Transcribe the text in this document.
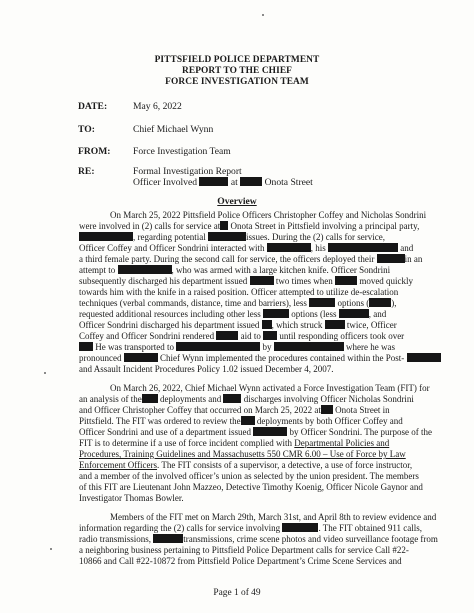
PITTSFIELD POLICE DEPARTMENT
REPORT TO THE CHIEF
FORCE INVESTIGATION TEAM
DATE:	May 6, 2022
TO:	Chief Michael Wynn
FROM: Force Investigation Team
RE:	Formal Investigation Report
Officer Involved	at	Onota Street
Overview
On March 25, 2022 Pittsfield Police Officers Christopher Coffey and Nicholas Sondrini
were involved in (2) calls for service at Onota Street in Pittsfield involving a principal party,
, regarding potential	issues. During the (2) calls for service,
Officer Coffey and Officer Sondrini interacted with	, his	and
a third female party. During the second call for service, the officers deployed their	in an
attempt to	, who was armed with a large kitchen knife. Officer Sondrini
subsequently discharged his department issued	two times when	moved quickly
towards him with the knife in a raised position. Officer attempted to utilize de-escalation
techniques (verbal commands, distance, time and barriers), less	options ( ),
requested additional resources including other less	options (less	, and
Officer Sondrini discharged his department issued , which struck	twice, Officer
Coffey and Officer Sondrini rendered	aid to until responding officers took over
He was transported to	by	where he was
pronounced	Chief Wynn implemented the procedures contained within the Post-
and Assault Incident Procedures Policy 1.02 issued December 4, 2007.
On March 26, 2022, Chief Michael Wynn activated a Force Investigation Team (FIT) for
an analysis of the deployments and	discharges involving Officer Nicholas Sondrini
and Officer Christopher Coffey that occurred on March 25, 2022 at Onota Street in
Pittsfield. The FIT was ordered to review the deployments by both Officer Coffey and
Officer Sondrini and use of a department issued	by Officer Sondrini. The purpose of the
FIT is to determine if a use of force incident complied with Departmental Policies and
Procedures, Training Guidelines and Massachusetts 550 CMR 6.00 – Use of Force by Law
Enforcement Officers. The FIT consists of a supervisor, a detective, a use of force instructor,
and a member of the involved officer’s union as selected by the union president. The members
of this FIT are Lieutenant John Mazzeo, Detective Timothy Koenig, Officer Nicole Gaynor and
Investigator Thomas Bowler.
Members of the FIT met on March 29th, March 31st, and April 8th to review evidence and
information regarding the (2) calls for service involving	. The FIT obtained 911 calls,
radio transmissions,	transmissions, crime scene photos and video surveillance footage from
a neighboring business pertaining to Pittsfield Police Department calls for service Call #22-
10866 and Call #22-10872 from Pittsfield Police Department’s Crime Scene Services and
Page 1 of 49
